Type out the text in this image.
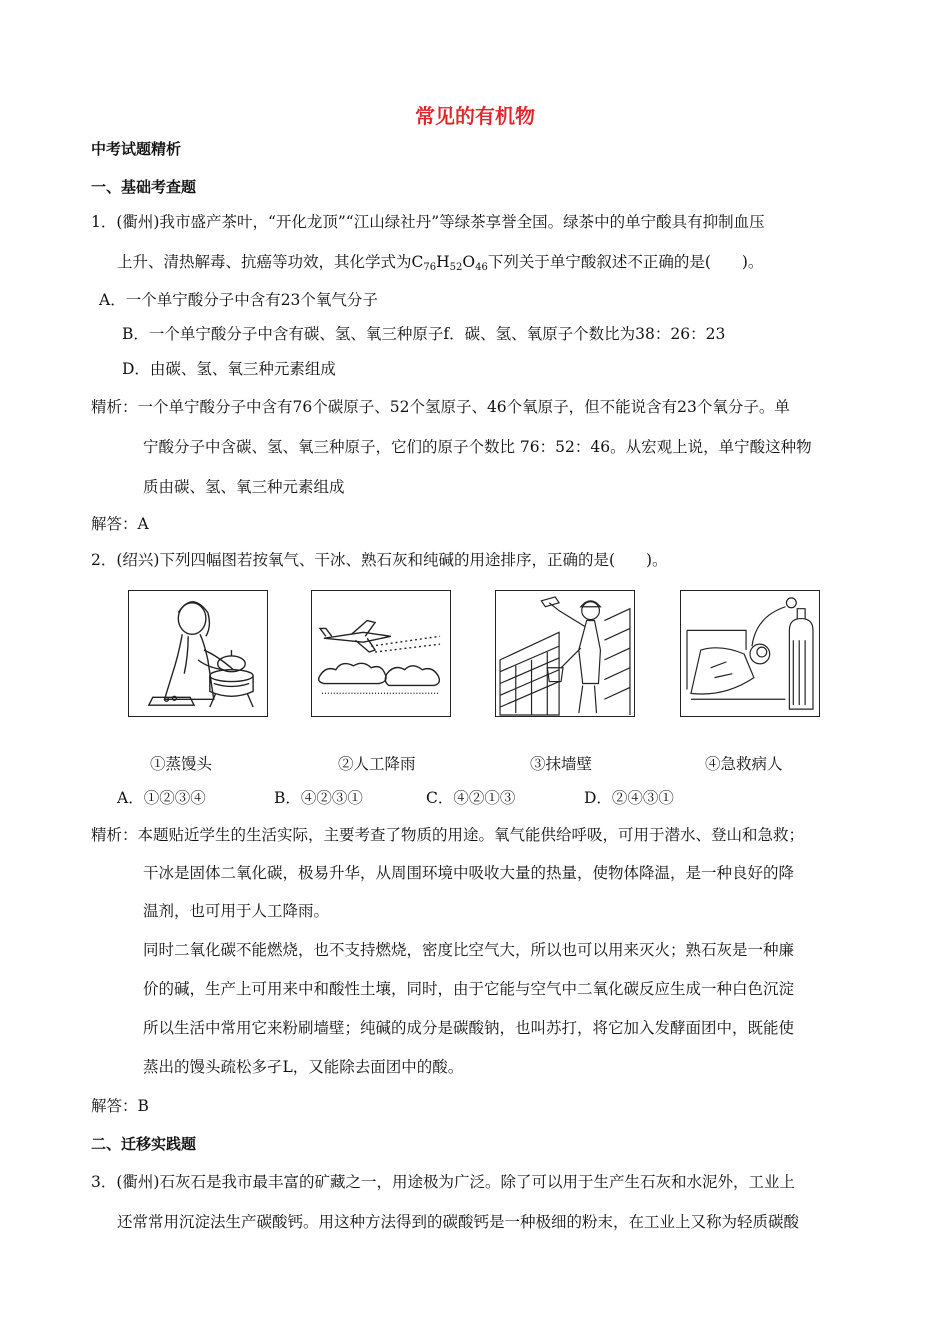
常见的有机物
中考试题精析
一、基础考查题
1．(衢州)我市盛产茶叶，“开化龙顶”“江山绿社丹”等绿茶享誉全国。绿茶中的单宁酸具有抑制血压
上升、清热解毒、抗癌等功效，其化学式为$C_{76}H_{52}O_{46}$下列关于单宁酸叙述不正确的是(　　)。
A．一个单宁酸分子中含有23个氧气分子
B．一个单宁酸分子中含有碳、氢、氧三种原子f．碳、氢、氧原子个数比为38：26：23
D．由碳、氢、氧三种元素组成
精析：一个单宁酸分子中含有76个碳原子、52个氢原子、46个氧原子，但不能说含有23个氧分子。单
宁酸分子中含碳、氢、氧三种原子，它们的原子个数比 76：52：46。从宏观上说，单宁酸这种物
质由碳、氢、氧三种元素组成
解答：A
2．(绍兴)下列四幅图若按氧气、干冰、熟石灰和纯碱的用途排序，正确的是(　　)。
①蒸馒头	②人工降雨	③抹墙壁	④急救病人
A．①②③④	B．④②③①	C．④②①③	D．②④③①
精析：本题贴近学生的生活实际，主要考查了物质的用途。氧气能供给呼吸，可用于潜水、登山和急救；
干冰是固体二氧化碳，极易升华，从周围环境中吸收大量的热量，使物体降温，是一种良好的降
温剂，也可用于人工降雨。
同时二氧化碳不能燃烧，也不支持燃烧，密度比空气大，所以也可以用来灭火；熟石灰是一种廉
价的碱，生产上可用来中和酸性土壤，同时，由于它能与空气中二氧化碳反应生成一种白色沉淀
所以生活中常用它来粉刷墙壁；纯碱的成分是碳酸钠，也叫苏打，将它加入发酵面团中，既能使
蒸出的馒头疏松多孑L，又能除去面团中的酸。
解答：B
二、迁移实践题
3．(衢州)石灰石是我市最丰富的矿藏之一，用途极为广泛。除了可以用于生产生石灰和水泥外，工业上
还常常用沉淀法生产碳酸钙。用这种方法得到的碳酸钙是一种极细的粉末，在工业上又称为轻质碳酸
